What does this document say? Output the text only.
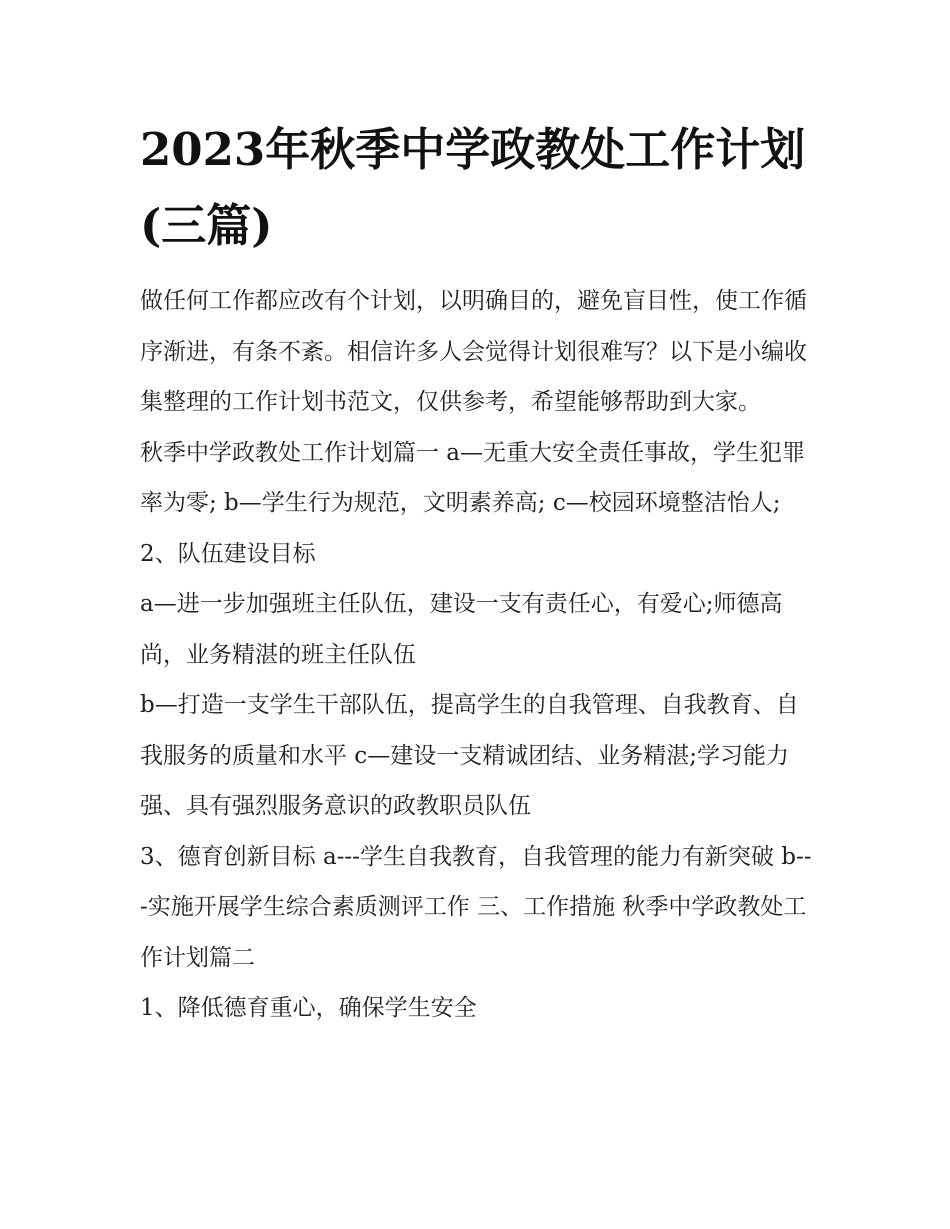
2023年秋季中学政教处工作计划(三篇)

做任何工作都应改有个计划，以明确目的，避免盲目性，使工作循序渐进，有条不紊。相信许多人会觉得计划很难写？以下是小编收集整理的工作计划书范文，仅供参考，希望能够帮助到大家。

秋季中学政教处工作计划篇一 a—无重大安全责任事故，学生犯罪率为零; b—学生行为规范，文明素养高; c—校园环境整洁怡人; 2、队伍建设目标

a—进一步加强班主任队伍，建设一支有责任心，有爱心;师德高尚，业务精湛的班主任队伍

b—打造一支学生干部队伍，提高学生的自我管理、自我教育、自我服务的质量和水平 c—建设一支精诚团结、业务精湛;学习能力强、具有强烈服务意识的政教职员队伍

3、德育创新目标 a---学生自我教育，自我管理的能力有新突破 b---实施开展学生综合素质测评工作 三、工作措施 秋季中学政教处工作计划篇二

1、降低德育重心，确保学生安全
